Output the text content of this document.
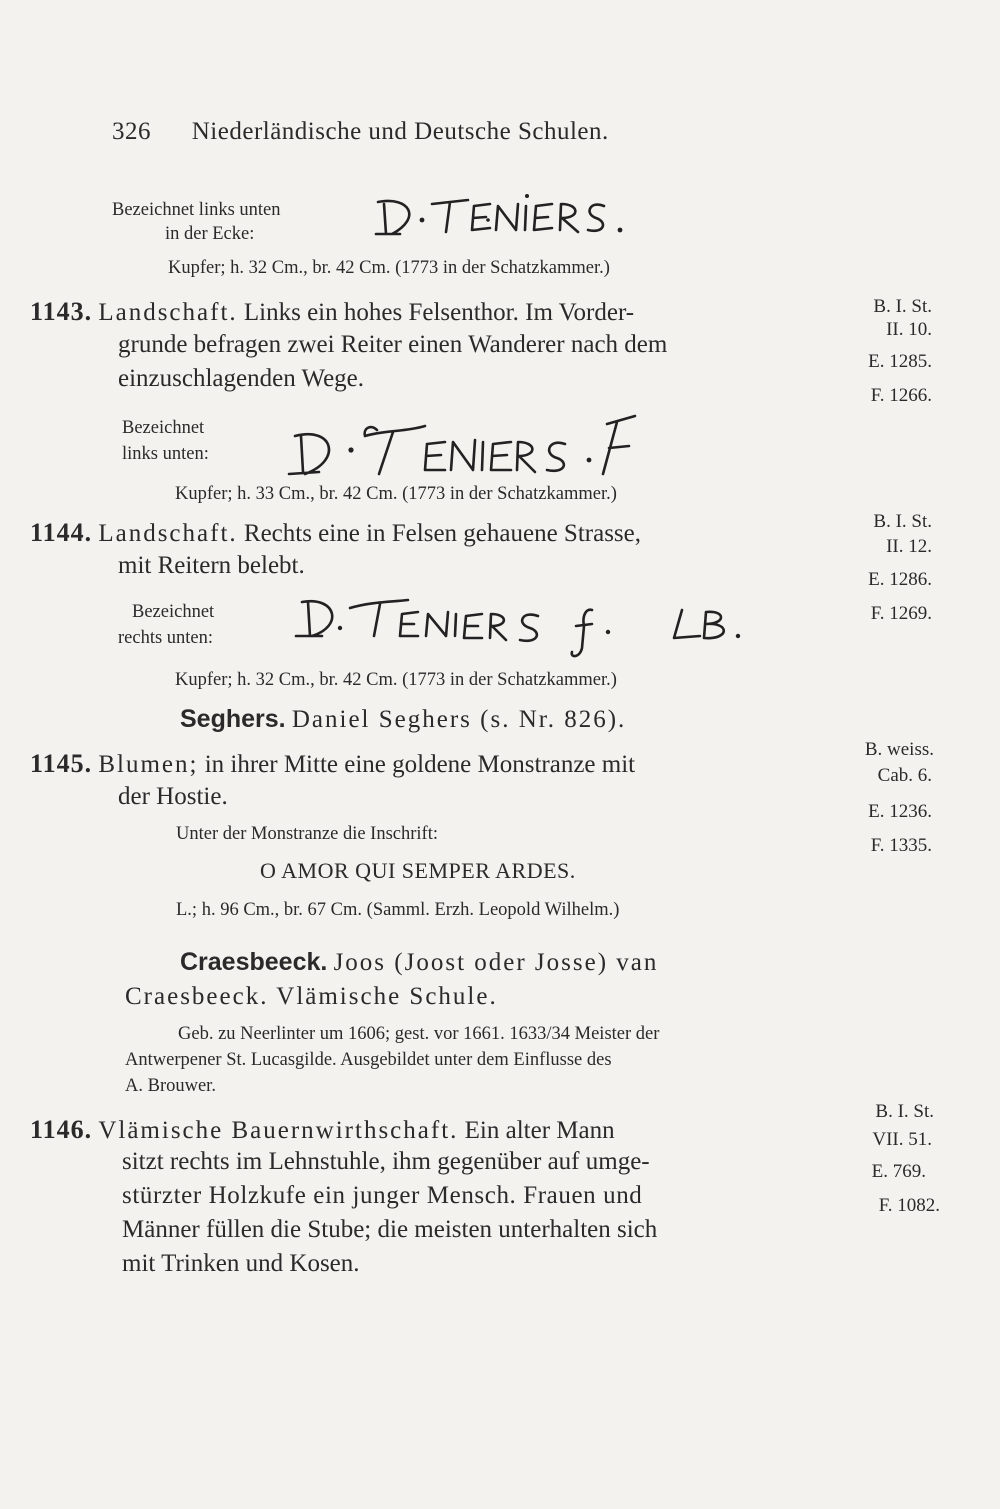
326 Niederländische und Deutsche Schulen.
Bezeichnet links unten
in der Ecke:
Kupfer; h. 32 Cm., br. 42 Cm. (1773 in der Schatzkammer.)
1143. Landschaft. Links ein hohes Felsenthor. Im Vorder-
grunde befragen zwei Reiter einen Wanderer nach dem
einzuschlagenden Wege.
B. I. St.
II. 10.
E. 1285.
F. 1266.
Bezeichnet
links unten:
Kupfer; h. 33 Cm., br. 42 Cm. (1773 in der Schatzkammer.)
1144. Landschaft. Rechts eine in Felsen gehauene Strasse,
mit Reitern belebt.
B. I. St.
II. 12.
E. 1286.
F. 1269.
Bezeichnet
rechts unten:
Kupfer; h. 32 Cm., br. 42 Cm. (1773 in der Schatzkammer.)
Seghers. Daniel Seghers (s. Nr. 826).
1145. Blumen; in ihrer Mitte eine goldene Monstranze mit
der Hostie.
B. weiss.
Cab. 6.
E. 1236.
F. 1335.
Unter der Monstranze die Inschrift:
O AMOR QUI SEMPER ARDES.
L.; h. 96 Cm., br. 67 Cm. (Samml. Erzh. Leopold Wilhelm.)
Craesbeeck. Joos (Joost oder Josse) van
Craesbeeck. Vlämische Schule.
Geb. zu Neerlinter um 1606; gest. vor 1661. 1633/34 Meister der
Antwerpener St. Lucasgilde. Ausgebildet unter dem Einflusse des
A. Brouwer.
1146. Vlämische Bauernwirthschaft. Ein alter Mann
sitzt rechts im Lehnstuhle, ihm gegenüber auf umge-
stürzter Holzkufe ein junger Mensch. Frauen und
Männer füllen die Stube; die meisten unterhalten sich
mit Trinken und Kosen.
B. I. St.
VII. 51.
E. 769.
F. 1082.
